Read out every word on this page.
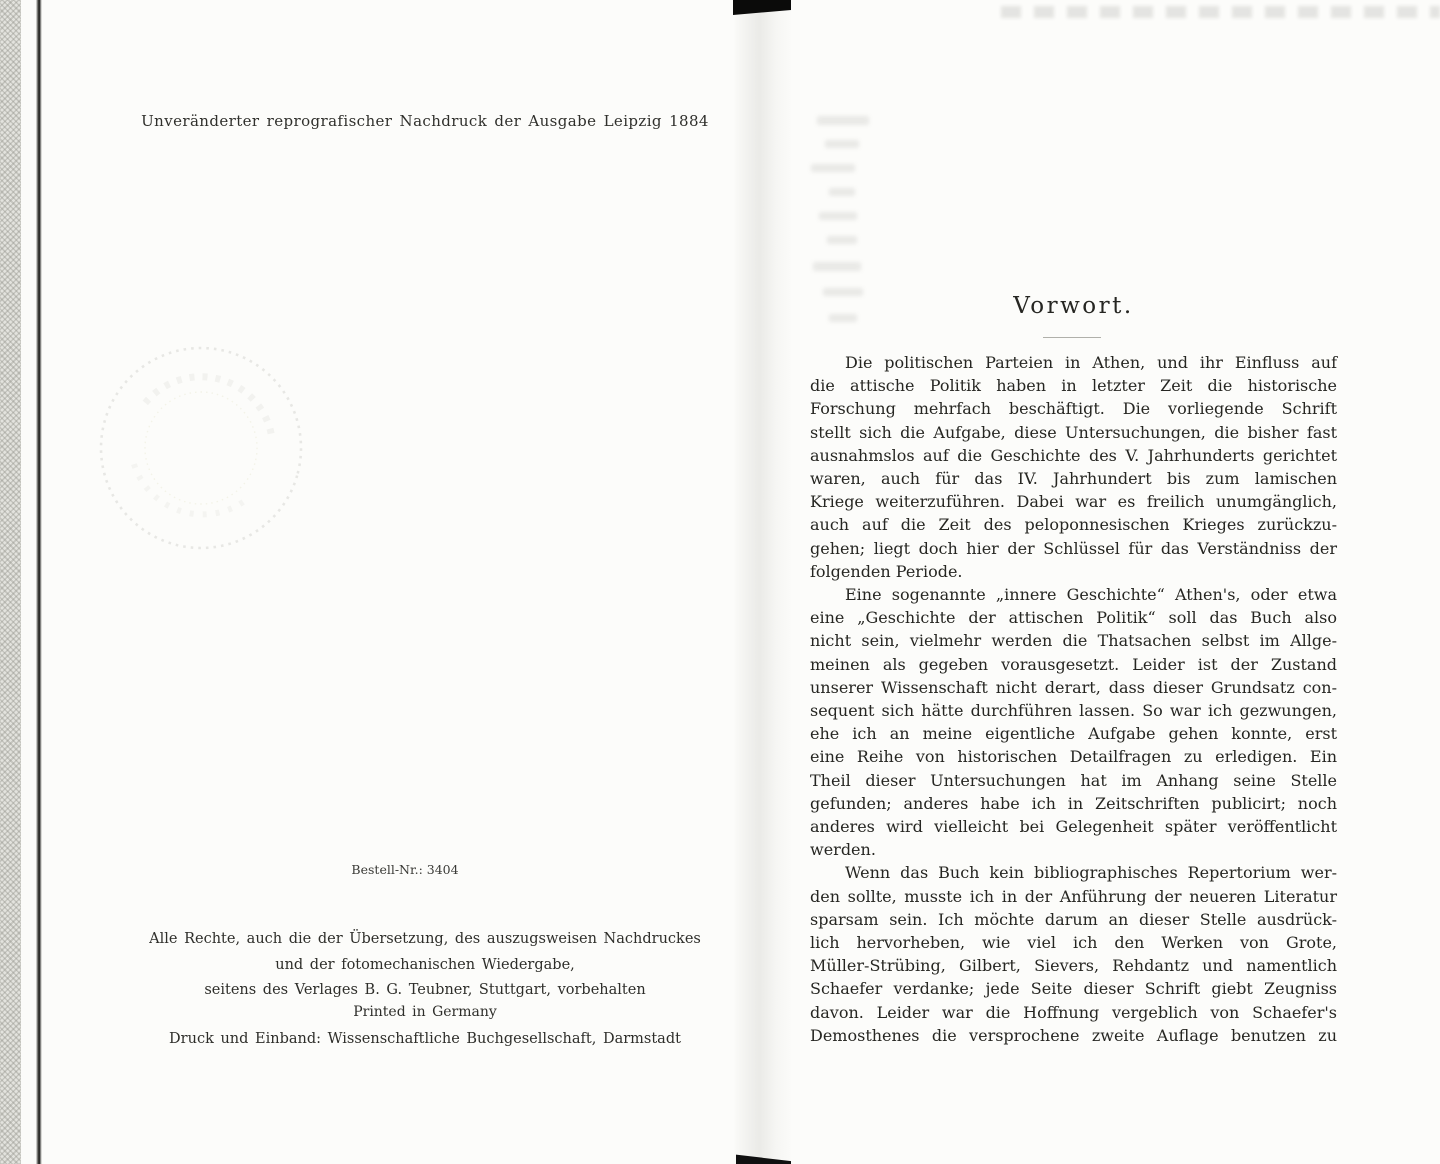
Unveränderter reprografischer Nachdruck der Ausgabe Leipzig 1884
Bestell-Nr.: 3404
Alle Rechte, auch die der Übersetzung, des auszugsweisen Nachdruckes
und der fotomechanischen Wiedergabe,
seitens des Verlages B. G. Teubner, Stuttgart, vorbehalten
Printed in Germany
Druck und Einband: Wissenschaftliche Buchgesellschaft, Darmstadt
Vorwort.
Die politischen Parteien in Athen, und ihr Einfluss auf
die attische Politik haben in letzter Zeit die historische
Forschung mehrfach beschäftigt. Die vorliegende Schrift
stellt sich die Aufgabe, diese Untersuchungen, die bisher fast
ausnahmslos auf die Geschichte des V. Jahrhunderts gerichtet
waren, auch für das IV. Jahrhundert bis zum lamischen
Kriege weiterzuführen. Dabei war es freilich unumgänglich,
auch auf die Zeit des peloponnesischen Krieges zurückzu-
gehen; liegt doch hier der Schlüssel für das Verständniss der
folgenden Periode.
Eine sogenannte „innere Geschichte“ Athen's, oder etwa
eine „Geschichte der attischen Politik“ soll das Buch also
nicht sein, vielmehr werden die Thatsachen selbst im Allge-
meinen als gegeben vorausgesetzt. Leider ist der Zustand
unserer Wissenschaft nicht derart, dass dieser Grundsatz con-
sequent sich hätte durchführen lassen. So war ich gezwungen,
ehe ich an meine eigentliche Aufgabe gehen konnte, erst
eine Reihe von historischen Detailfragen zu erledigen. Ein
Theil dieser Untersuchungen hat im Anhang seine Stelle
gefunden; anderes habe ich in Zeitschriften publicirt; noch
anderes wird vielleicht bei Gelegenheit später veröffentlicht
werden.
Wenn das Buch kein bibliographisches Repertorium wer-
den sollte, musste ich in der Anführung der neueren Literatur
sparsam sein. Ich möchte darum an dieser Stelle ausdrück-
lich hervorheben, wie viel ich den Werken von Grote,
Müller-Strübing, Gilbert, Sievers, Rehdantz und namentlich
Schaefer verdanke; jede Seite dieser Schrift giebt Zeugniss
davon. Leider war die Hoffnung vergeblich von Schaefer's
Demosthenes die versprochene zweite Auflage benutzen zu
